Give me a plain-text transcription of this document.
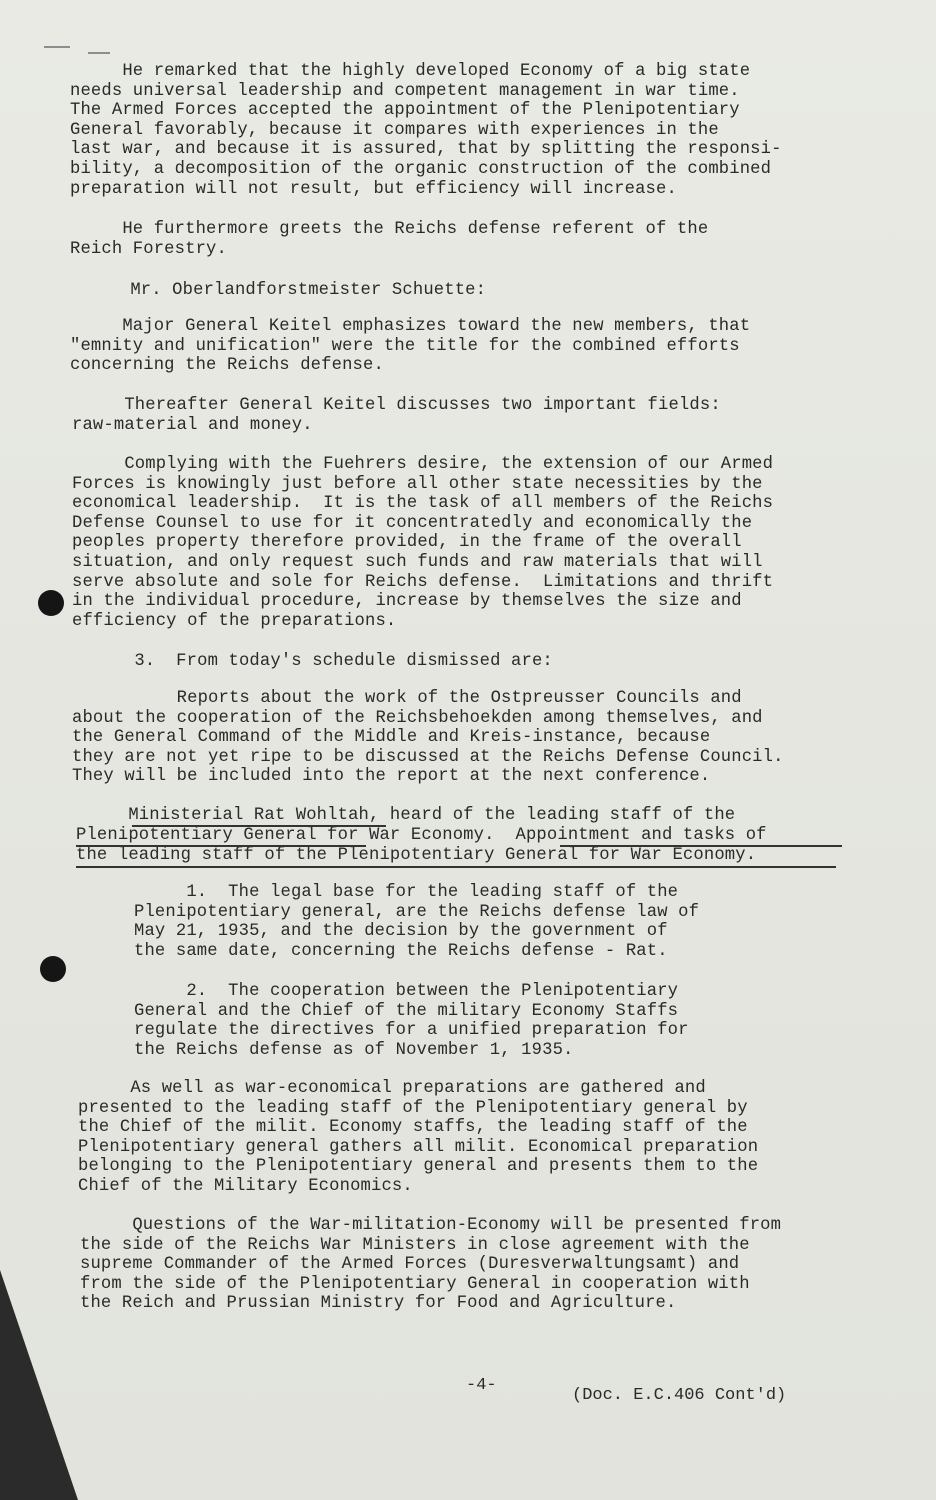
He remarked that the highly developed Economy of a big state
needs universal leadership and competent management in war time.
The Armed Forces accepted the appointment of the Plenipotentiary
General favorably, because it compares with experiences in the
last war, and because it is assured, that by splitting the responsi-
bility, a decomposition of the organic construction of the combined
preparation will not result, but efficiency will increase.

He furthermore greets the Reichs defense referent of the
Reich Forestry.

Mr. Oberlandforstmeister Schuette:

Major General Keitel emphasizes toward the new members, that
"emnity and unification" were the title for the combined efforts
concerning the Reichs defense.

Thereafter General Keitel discusses two important fields:
raw-material and money.

Complying with the Fuehrers desire, the extension of our Armed
Forces is knowingly just before all other state necessities by the
economical leadership.  It is the task of all members of the Reichs
Defense Counsel to use for it concentratedly and economically the
peoples property therefore provided, in the frame of the overall
situation, and only request such funds and raw materials that will
serve absolute and sole for Reichs defense.  Limitations and thrift
in the individual procedure, increase by themselves the size and
efficiency of the preparations.

3.  From today's schedule dismissed are:

Reports about the work of the Ostpreusser Councils and
about the cooperation of the Reichsbehoekden among themselves, and
the General Command of the Middle and Kreis-instance, because
they are not yet ripe to be discussed at the Reichs Defense Council.
They will be included into the report at the next conference.

Ministerial Rat Wohltah, heard of the leading staff of the

Plenipotentiary General for War Economy.  Appointment and tasks of

the leading staff of the Plenipotentiary General for War Economy.

1.  The legal base for the leading staff of the
Plenipotentiary general, are the Reichs defense law of
May 21, 1935, and the decision by the government of
the same date, concerning the Reichs defense - Rat.

2.  The cooperation between the Plenipotentiary
General and the Chief of the military Economy Staffs
regulate the directives for a unified preparation for
the Reichs defense as of November 1, 1935.

As well as war-economical preparations are gathered and
presented to the leading staff of the Plenipotentiary general by
the Chief of the milit. Economy staffs, the leading staff of the
Plenipotentiary general gathers all milit. Economical preparation
belonging to the Plenipotentiary general and presents them to the
Chief of the Military Economics.

Questions of the War-militation-Economy will be presented from
the side of the Reichs War Ministers in close agreement with the
supreme Commander of the Armed Forces (Duresverwaltungsamt) and
from the side of the Plenipotentiary General in cooperation with
the Reich and Prussian Ministry for Food and Agriculture.

-4-
(Doc. E.C.406 Cont'd)
